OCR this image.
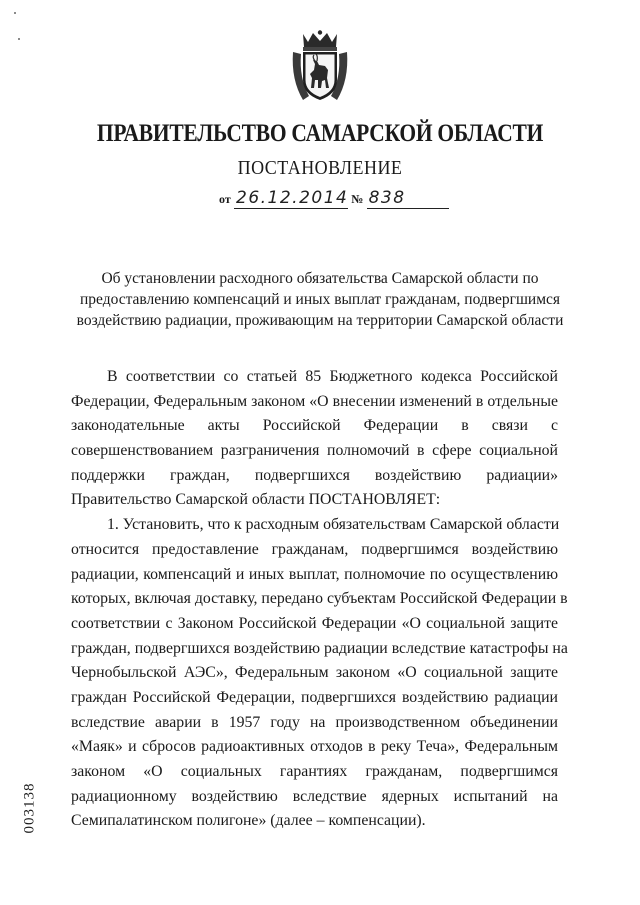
ПРАВИТЕЛЬСТВО САМАРСКОЙ ОБЛАСТИ
ПОСТАНОВЛЕНИЕ
от 26.12.2014 № 838
Об установлении расходного обязательства Самарской области по
предоставлению компенсаций и иных выплат гражданам, подвергшимся
воздействию радиации, проживающим на территории Самарской области
В соответствии со статьей 85 Бюджетного кодекса Российской
Федерации, Федеральным законом «О внесении изменений в отдельные
законодательные акты Российской Федерации в связи с
совершенствованием разграничения полномочий в сфере социальной
поддержки граждан, подвергшихся воздействию радиации»
Правительство Самарской области ПОСТАНОВЛЯЕТ:
1. Установить, что к расходным обязательствам Самарской области
относится предоставление гражданам, подвергшимся воздействию
радиации, компенсаций и иных выплат, полномочие по осуществлению
которых, включая доставку, передано субъектам Российской Федерации в
соответствии с Законом Российской Федерации «О социальной защите
граждан, подвергшихся воздействию радиации вследствие катастрофы на
Чернобыльской АЭС», Федеральным законом «О социальной защите
граждан Российской Федерации, подвергшихся воздействию радиации
вследствие аварии в 1957 году на производственном объединении
«Маяк» и сбросов радиоактивных отходов в реку Теча», Федеральным
законом «О социальных гарантиях гражданам, подвергшимся
радиационному воздействию вследствие ядерных испытаний на
Семипалатинском полигоне» (далее – компенсации).
003138
